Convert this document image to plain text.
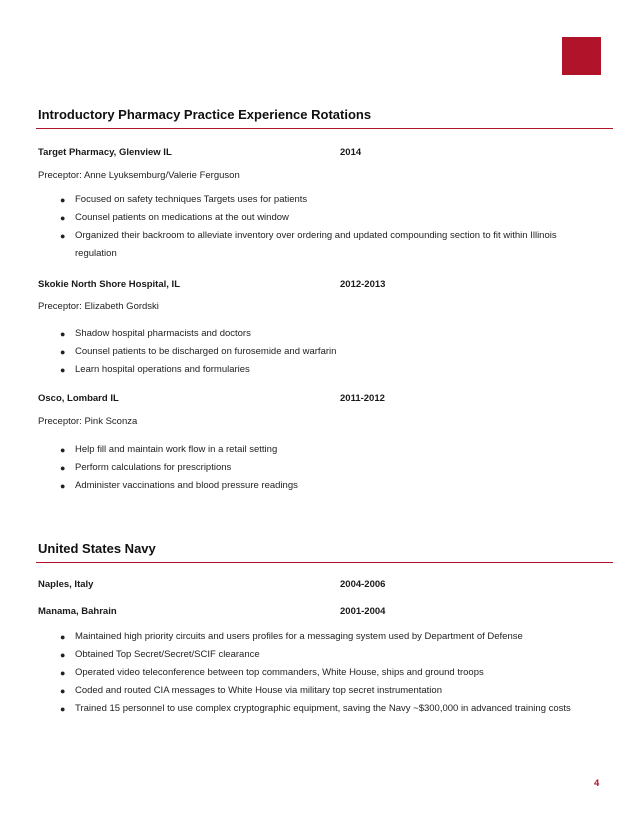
Introductory Pharmacy Practice Experience Rotations
Target Pharmacy, Glenview IL	2014
Preceptor: Anne Lyuksemburg/Valerie Ferguson
● Focused on safety techniques Targets uses for patients
● Counsel patients on medications at the out window
● Organized their backroom to alleviate inventory over ordering and updated compounding section to fit within Illinois regulation
Skokie North Shore Hospital, IL	2012-2013
Preceptor: Elizabeth Gordski
● Shadow hospital pharmacists and doctors
● Counsel patients to be discharged on furosemide and warfarin
● Learn hospital operations and formularies
Osco, Lombard IL	2011-2012
Preceptor: Pink Sconza
● Help fill and maintain work flow in a retail setting
● Perform calculations for prescriptions
● Administer vaccinations and blood pressure readings
United States Navy
Naples, Italy	2004-2006
Manama, Bahrain	2001-2004
● Maintained high priority circuits and users profiles for a messaging system used by Department of Defense
● Obtained Top Secret/Secret/SCIF clearance
● Operated video teleconference between top commanders, White House, ships and ground troops
● Coded and routed CIA messages to White House via military top secret instrumentation
● Trained 15 personnel to use complex cryptographic equipment, saving the Navy ~$300,000 in advanced training costs
4
